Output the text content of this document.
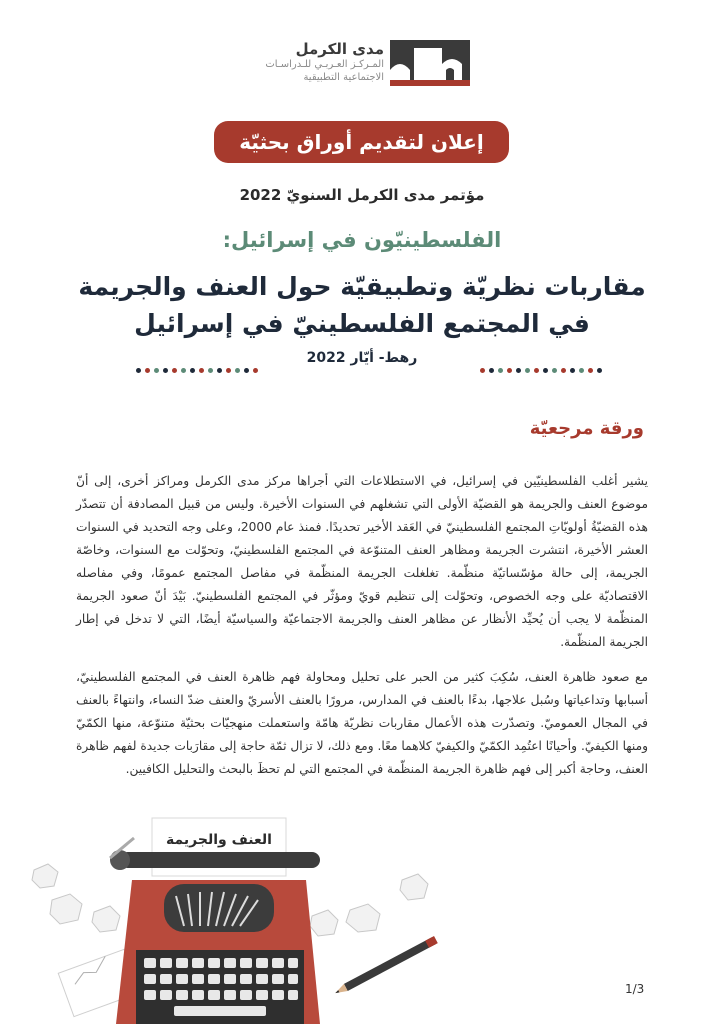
مدى الكرمل
المـركـز العـربـي للـدراسـات
الاجتماعية التطبيقية
إعلان لتقديم أوراق بحثيّة
مؤتمر مدى الكرمل السنويّ 2022
الفلسطينيّون في إسرائيل:
مقاربات نظريّة وتطبيقيّة حول العنف والجريمة
في المجتمع الفلسطينيّ في إسرائيل
رهط- أيّار 2022
ورقة مرجعيّة

يشير أغلب الفلسطينيّين في إسرائيل، في الاستطلاعات التي أجراها مركز مدى الكرمل ومراكز أخرى، إلى أنّ موضوع العنف والجريمة هو القضيّة الأولى التي تشغلهم في السنوات الأخيرة. وليس من قبيل المصادفة أن تتصدّر هذه القضيّةُ أولويّاتِ المجتمع الفلسطينيّ في العَقد الأخير تحديدًا. فمنذ عام 2000، وعلى وجه التحديد في السنوات العشر الأخيرة، انتشرت الجريمة ومظاهر العنف المتنوّعة في المجتمع الفلسطينيّ، وتحوّلت مع السنوات، وخاصّة الجريمة، إلى حالة مؤسّساتيّة منظّمة. تغلغلت الجريمة المنظّمة في مفاصل المجتمع عمومًا، وفي مفاصله الاقتصاديّة على وجه الخصوص، وتحوّلت إلى تنظيم قويّ ومؤثّر في المجتمع الفلسطينيّ. بَيْدَ أنّ صعود الجريمة المنظّمة لا يجب أن يُحيِّد الأنظار عن مظاهر العنف والجريمة الاجتماعيّة والسياسيّة أيضًا، التي لا تدخل في إطار الجريمة المنظّمة.

مع صعود ظاهرة العنف، سُكِبَ كثير من الحبر على تحليل ومحاولة فهم ظاهرة العنف في المجتمع الفلسطينيّ، أسبابها وتداعياتها وسُبل علاجها، بدءًا بالعنف في المدارس، مرورًا بالعنف الأسريّ والعنف ضدّ النساء، وانتهاءً بالعنف في المجال العموميّ. وتصدّرت هذه الأعمال مقاربات نظريّة هامّة واستعملت منهجيّات بحثيّة متنوّعة، منها الكمّيّ ومنها الكيفيّ. وأحيانًا اعتُمِد الكمّيّ والكيفيّ كلاهما معًا. ومع ذلك، لا تزال ثمّة حاجة إلى مقارَبات جديدة لفهم ظاهرة العنف، وحاجة أكبر إلى فهم ظاهرة الجريمة المنظّمة في المجتمع التي لم تحظَ بالبحث والتحليل الكافيين.

العنف والجريمة
1/3
